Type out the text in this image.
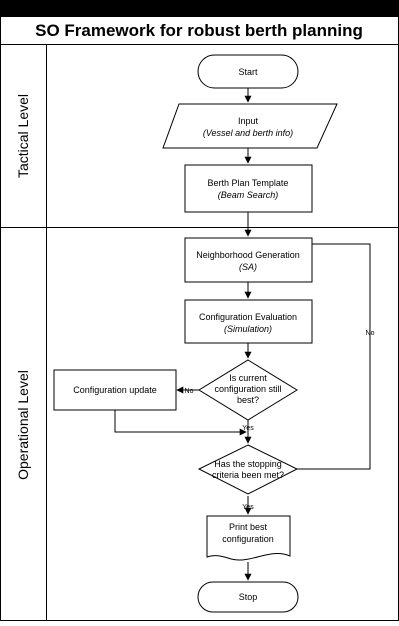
SO Framework for robust berth planning
Tactical Level
Operational Level
Start
Input
(Vessel and berth info)
Berth Plan Template
(Beam Search)
Neighborhood Generation
(SA)
Configuration Evaluation
(Simulation)
Is current
configuration still
best?
Configuration update
Has the stopping
criteria been met?
Print best
configuration
Stop
No
Yes
Yes
No
